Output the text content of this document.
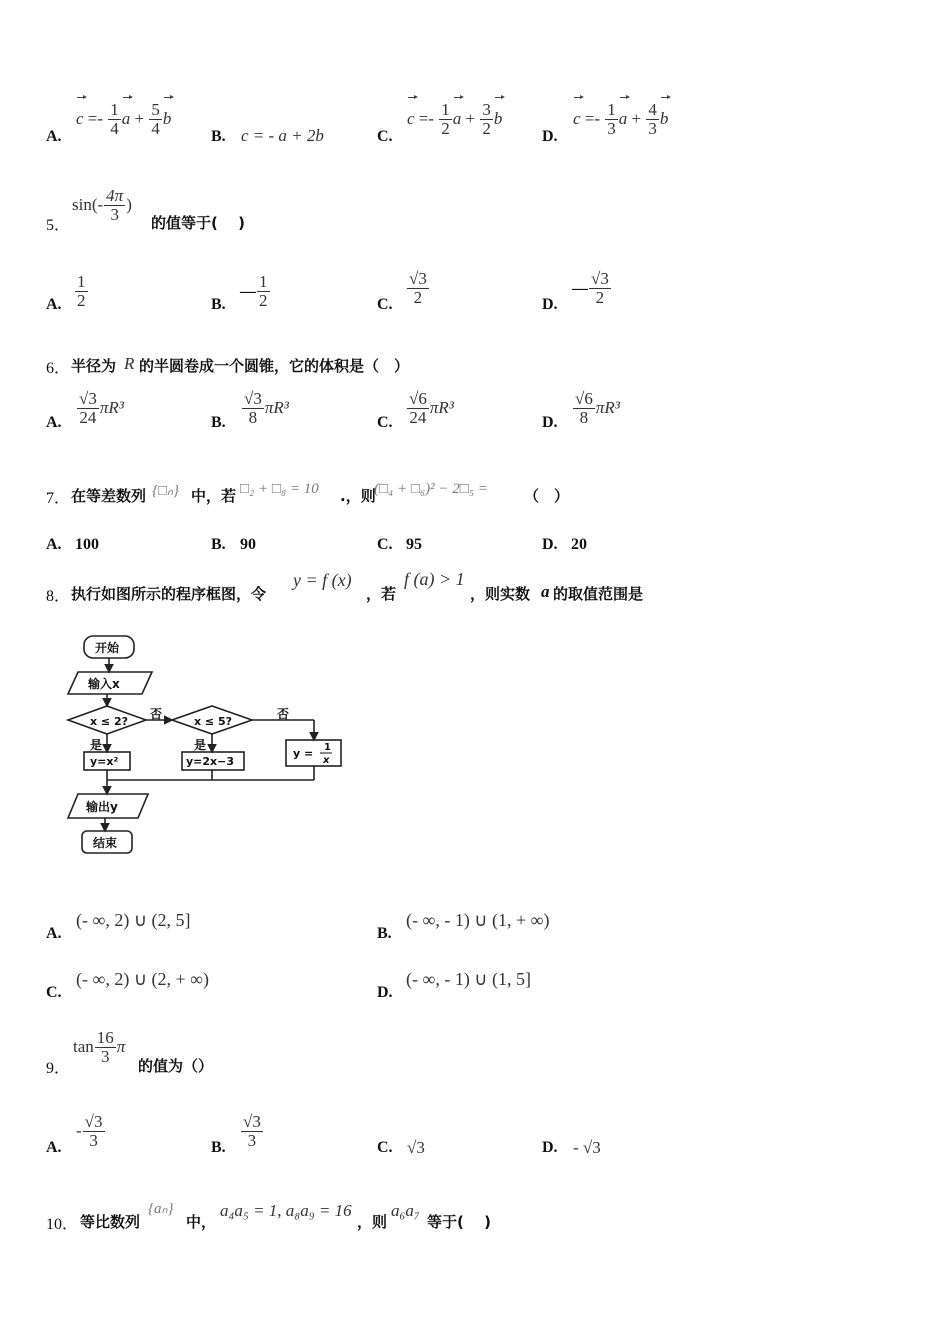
A.
$c =- \frac{1}{4}$ $a + \frac{5}{4}$ b
B. c = - a + 2b	C.
$c =- \frac{1}{2}$ $a + \frac{3}{2}$ b
D.
$c =- \frac{1}{3}$ $a + \frac{4}{3}$ b
5．
$\sin(- \frac{4\pi}{3}$ )
的值等于(　 )
A. $\frac{1}{2}$	B.
— $\frac{1}{2}$	C. $\frac{√3}{2}$	D.
— $\frac{√3}{2}$
6． 半径为 R 的半圆卷成一个圆锥，它的体积是（　）
A. $\frac{√3}{24} \pi R^3$
B. $\frac{√3}{8} \pi R^3$
C. $\frac{√6}{24} \pi R^3$
D. $\frac{√6}{8} \pi R^3$
7． 在等差数列 {□ₙ} 中，若 □₂ + □₈ = 10 .，则
(□₄ + □₆)² − 2□₅ = （　）
A. 100	B. 90	C. 95	D. 20
8． 执行如图所示的程序框图，令
y = f (x)
，若
f (a) > 1
，则实数 a 的取值范围是
开始
输入x
x ≤ 2?	x ≤ 5?
否	否
是	是
y=x²	y=2x−3
y = 1
x
输出y
结束
A.
(- ∞, 2) ∪ (2, 5]
B.
(- ∞, - 1) ∪ (1, + ∞)
C.
(- ∞, 2) ∪ (2, + ∞)
D.
(- ∞, - 1) ∪ (1, 5]
9．
$\tan \frac{16}{3}$ π
的值为（）
A.
- $\frac{√3}{3}$	B. $\frac{√3}{3}$	C. √3	D. - √3
10． 等比数列
{aₙ}
中，
a₄a₅ = 1, a₈a₉ = 16
，则
a₆a₇
等于(　 )
